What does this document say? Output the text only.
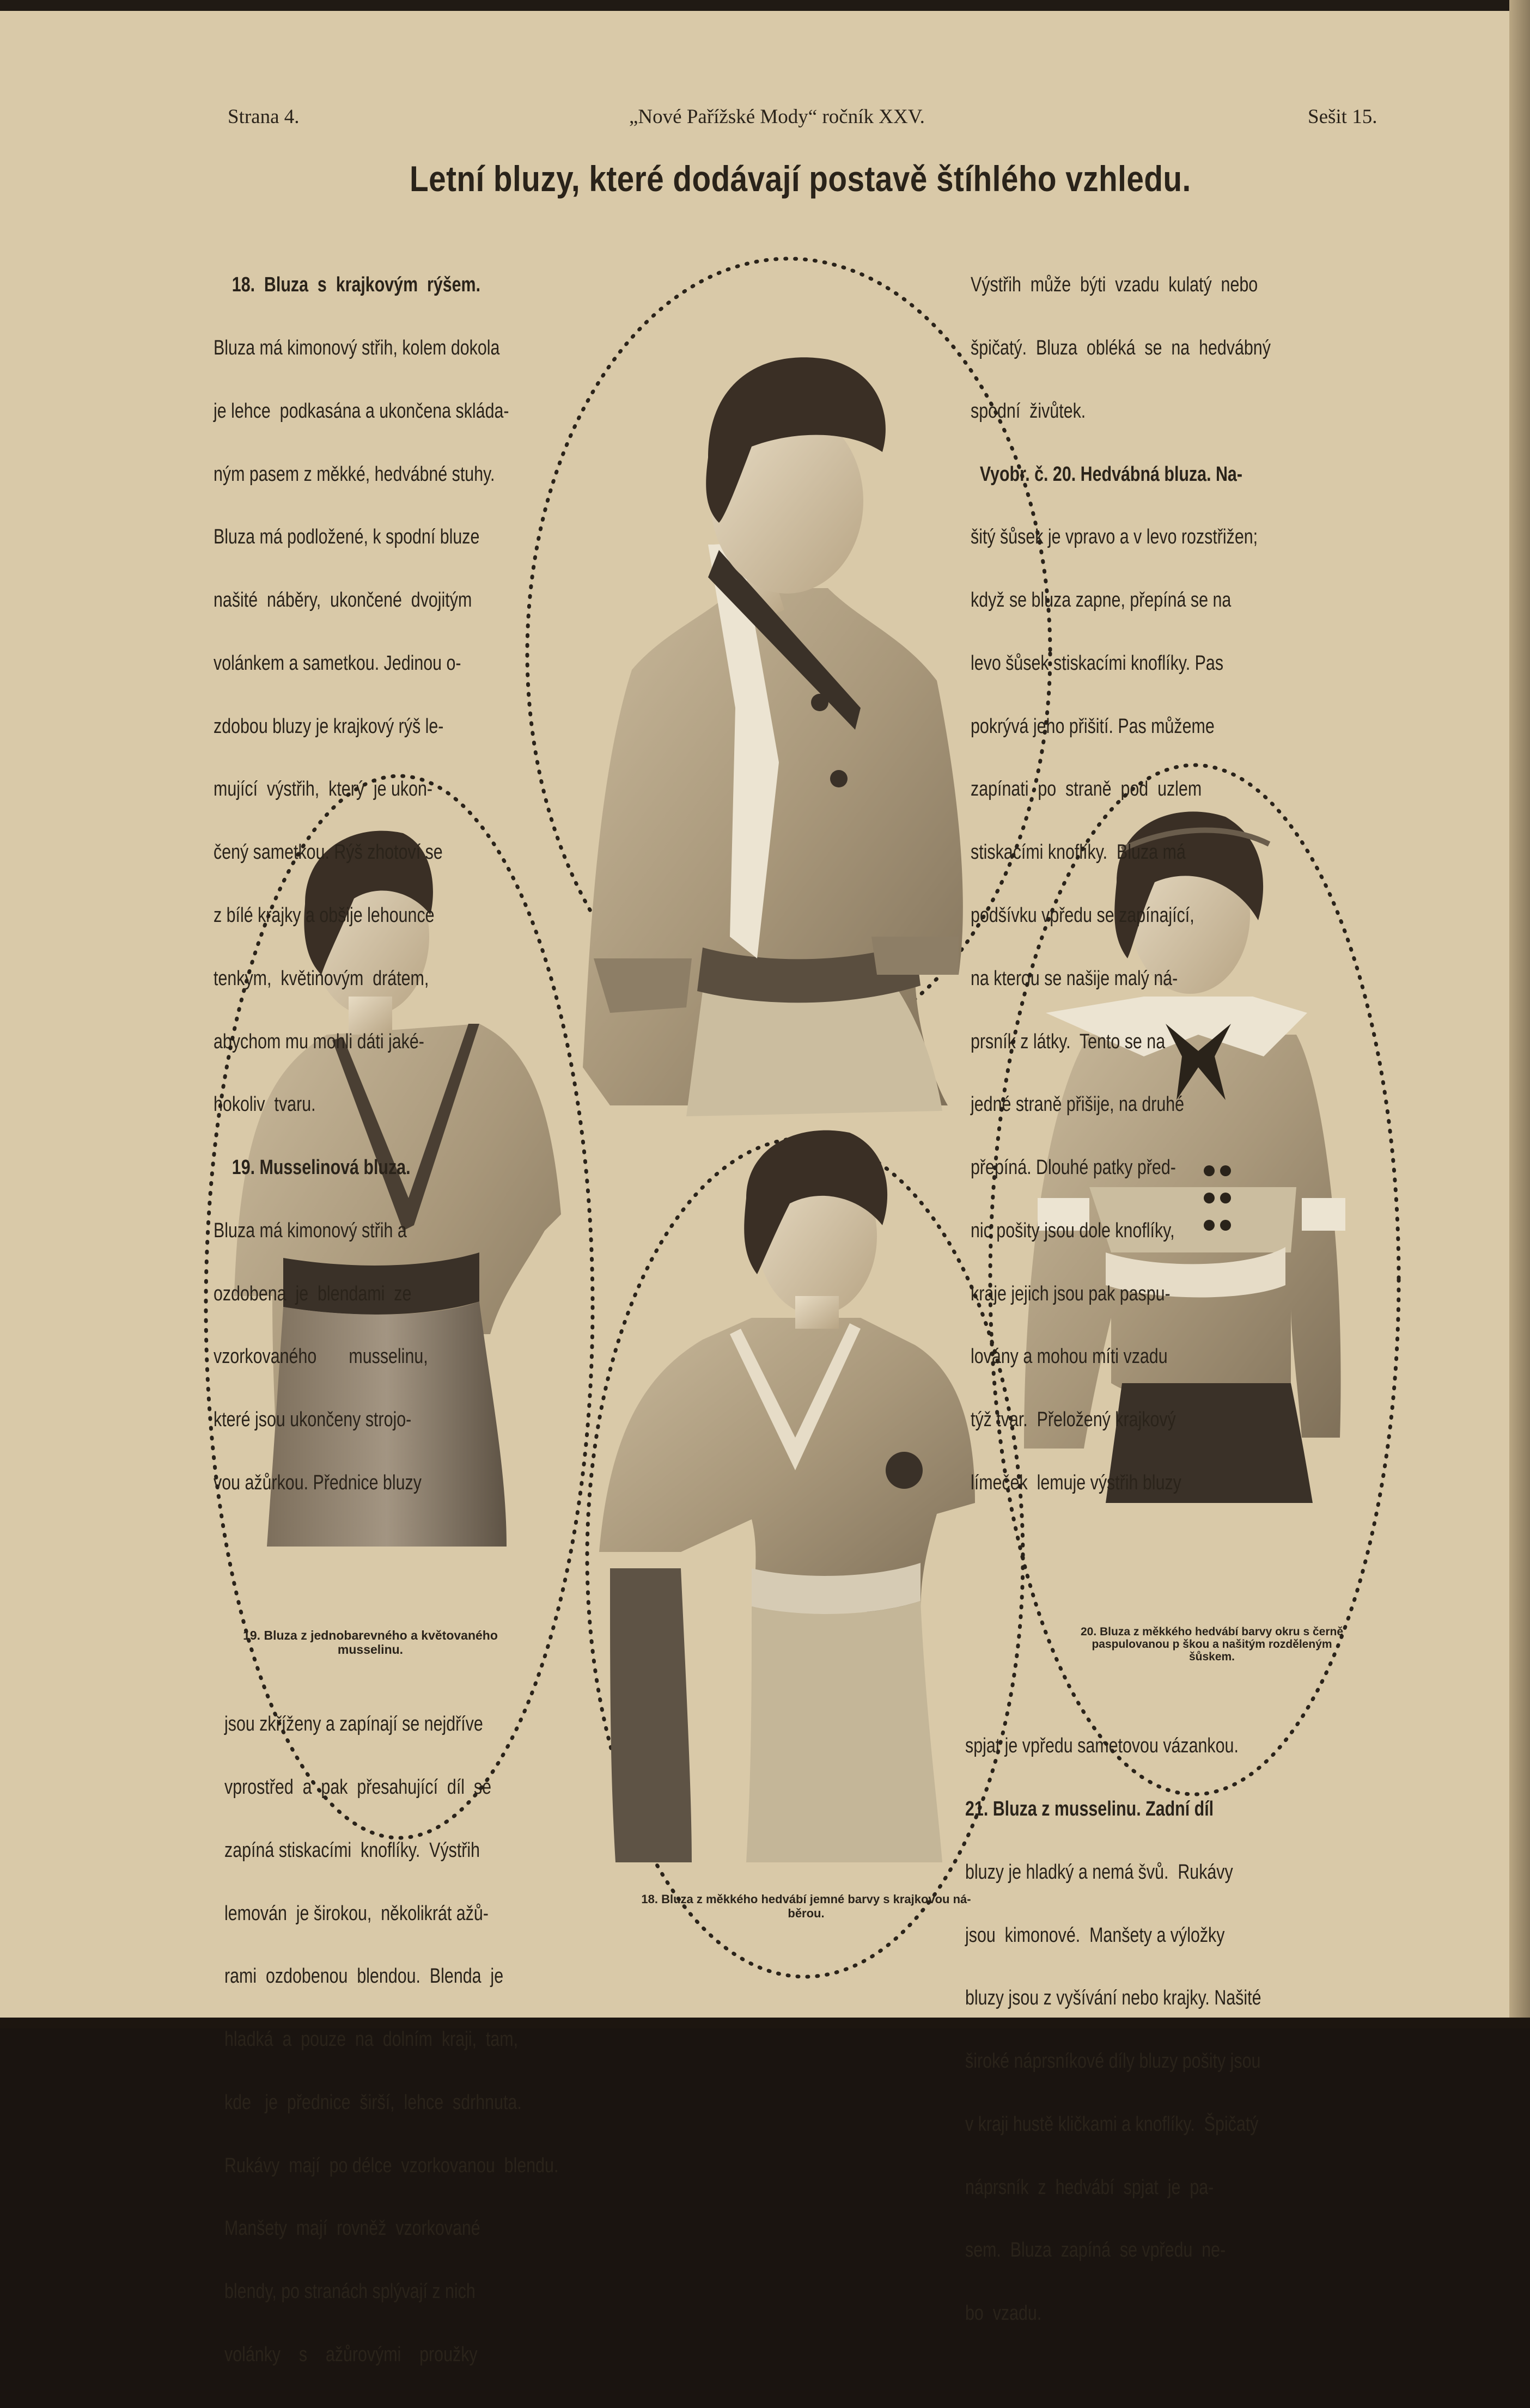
Strana 4.	„Nové Pařížské Mody“ ročník XXV.	Sešit 15.
Letní bluzy, které dodávají postavě štíhlého vzhledu.

18.  Bluza  s  krajkovým  rýšem.

Bluza má kimonový střih, kolem dokola

je lehce  podkasána a ukončena skláda-

ným pasem z měkké, hedvábné stuhy.

Bluza má podložené, k spodní bluze

našité  náběry,  ukončené  dvojitým

volánkem a sametkou. Jedinou o-

zdobou bluzy je krajkový rýš le-

mující  výstřih,  který  je ukon-

čený sametkou. Rýš zhotoví se

z bílé krajky a obšije lehounce

tenkým,  květinovým  drátem,

abychom mu mohli dáti jaké-

hokoliv  tvaru.

19. Musselinová bluza.

Bluza má kimonový střih a

ozdobena  je  blendami  ze

vzorkovaného       musselinu,

které jsou ukončeny strojo-

vou ažůrkou. Přednice bluzy

Výstřih  může  býti  vzadu  kulatý  nebo

špičatý.  Bluza  obléká  se  na  hedvábný

spodní  živůtek.

Vyobr. č. 20. Hedvábná bluza. Na-

šitý šůsek je vpravo a v levo rozstřižen;

když se bluza zapne, přepíná se na

levo šůsek stiskacími knoflíky. Pas

pokrývá jeho přišití. Pas můžeme

zapínati  po  straně  pod  uzlem

stiskacími knoflíky.  Bluza má

podšívku vpředu se zapínající,

na kterou se našije malý ná-

prsník z látky.  Tento se na

jedné straně přišije, na druhé

přepíná. Dlouhé patky před-

nic pošity jsou dole knoflíky,

kraje jejich jsou pak paspu-

lovány a mohou míti vzadu

týž tvar.  Přeložený krajkový

límeček  lemuje výstřih bluzy

jsou zkříženy a zapínají se nejdříve

vprostřed  a  pak  přesahující  díl  se

zapíná stiskacími  knoflíky.  Výstřih

lemován  je širokou,  několikrát ažů-

rami  ozdobenou  blendou.  Blenda  je

hladká  a  pouze  na  dolním  kraji,  tam,

kde   je  přednice  širší,  lehce  sdrhnuta.

Rukávy  mají  po délce  vzorkovanou  blendu.

Manšety  mají  rovněž  vzorkované

blendy, po stranách splývají z nich

volánky    s    ažůrovými    proužky

spjat je vpředu sametovou vázankou.

21. Bluza z musselinu. Zadní díl

bluzy je hladký a nemá švů.  Rukávy

jsou  kimonové.  Manšety a výložky

bluzy jsou z vyšívání nebo krajky. Našité

široké náprsníkové díly bluzy pošity jsou

v kraji hustě kličkami a knoflíky.  Špičatý

náprsník  z  hedvábí  spjat  je  pa-

sem.  Bluza  zapíná  se vpředu  ne-

bo  vzadu.

19. Bluza z jednobarevného a květovaného
musselinu.
20. Bluza z měkkého hedvábí barvy okru s černě
paspulovanou p škou a našitým rozděleným
šůskem.
18. Bluza z měkkého hedvábí jemné barvy s krajkovou ná-
běrou.
